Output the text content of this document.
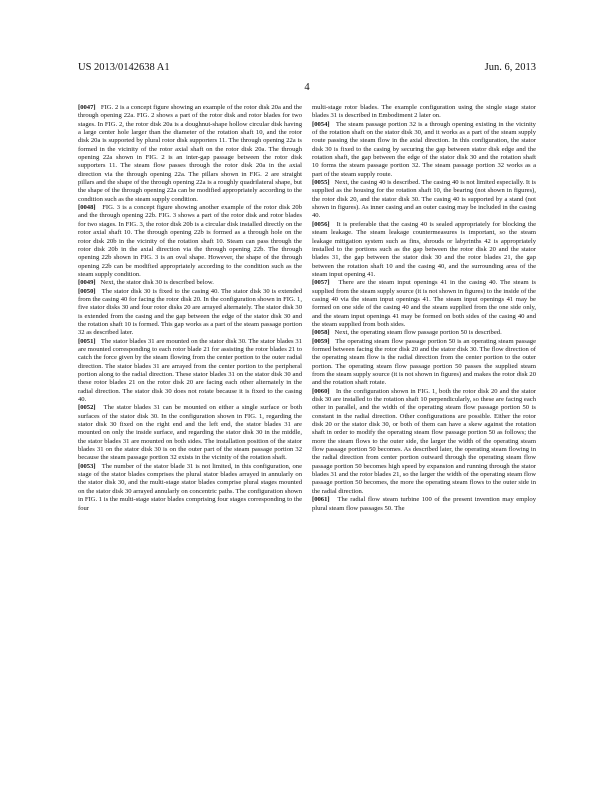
US 2013/0142638 A1	Jun. 6, 2013
4

[0047] FIG. 2 is a concept figure showing an example of the rotor disk 20a and the through opening 22a. FIG. 2 shows a part of the rotor disk and rotor blades for two stages. In FIG. 2, the rotor disk 20a is a doughnut-shape hollow circular disk having a large center hole larger than the diameter of the rotation shaft 10, and the rotor disk 20a is supported by plural rotor disk supporters 11. The through opening 22a is formed in the vicinity of the rotor axial shaft on the rotor disk 20a. The through opening 22a shown in FIG. 2 is an inter-gap passage between the rotor disk supporters 11. The steam flow passes through the rotor disk 20a in the axial direction via the through opening 22a. The pillars shown in FIG. 2 are straight pillars and the shape of the through opening 22a is a roughly quadrilateral shape, but the shape of the through opening 22a can be modified appropriately according to the condition such as the steam supply condition.

[0048] FIG. 3 is a concept figure showing another example of the rotor disk 20b and the through opening 22b. FIG. 3 shows a part of the rotor disk and rotor blades for two stages. In FIG. 3, the rotor disk 20b is a circular disk installed directly on the rotor axial shaft 10. The through opening 22b is formed as a through hole on the rotor disk 20b in the vicinity of the rotation shaft 10. Steam can pass through the rotor disk 20b in the axial direction via the through opening 22b. The through opening 22b shown in FIG. 3 is an oval shape. However, the shape of the through opening 22b can be modified appropriately according to the condition such as the steam supply condition.

[0049] Next, the stator disk 30 is described below.

[0050] The stator disk 30 is fixed to the casing 40. The stator disk 30 is extended from the casing 40 for facing the rotor disk 20. In the configuration shown in FIG. 1, five stator disks 30 and four rotor disks 20 are arrayed alternately. The stator disk 30 is extended from the casing and the gap between the edge of the stator disk 30 and the rotation shaft 10 is formed. This gap works as a part of the steam passage portion 32 as described later.

[0051] The stator blades 31 are mounted on the stator disk 30. The stator blades 31 are mounted corresponding to each rotor blade 21 for assisting the rotor blades 21 to catch the force given by the steam flowing from the center portion to the outer radial direction. The stator blades 31 are arrayed from the center portion to the peripheral portion along to the radial direction. These stator blades 31 on the stator disk 30 and these rotor blades 21 on the rotor disk 20 are facing each other alternately in the radial direction. The stator disk 30 does not rotate because it is fixed to the casing 40.

[0052] The stator blades 31 can be mounted on either a single surface or both surfaces of the stator disk 30. In the configuration shown in FIG. 1, regarding the stator disk 30 fixed on the right end and the left end, the stator blades 31 are mounted on only the inside surface, and regarding the stator disk 30 in the middle, the stator blades 31 are mounted on both sides. The installation position of the stator blades 31 on the stator disk 30 is on the outer part of the steam passage portion 32 because the steam passage portion 32 exists in the vicinity of the rotation shaft.

[0053] The number of the stator blade 31 is not limited, in this configuration, one stage of the stator blades comprises the plural stator blades arrayed in annularly on the stator disk 30, and the multi-stage stator blades comprise plural stages mounted on the stator disk 30 arrayed annularly on concentric paths. The configuration shown in FIG. 1 is the multi-stage stator blades comprising four stages corresponding to the four

multi-stage rotor blades. The example configuration using the single stage stator blades 31 is described in Embodiment 2 later on.

[0054] The steam passage portion 32 is a through opening existing in the vicinity of the rotation shaft on the stator disk 30, and it works as a part of the steam supply route passing the steam flow in the axial direction. In this configuration, the stator disk 30 is fixed to the casing by securing the gap between stator disk edge and the rotation shaft, the gap between the edge of the stator disk 30 and the rotation shaft 10 forms the steam passage portion 32. The steam passage portion 32 works as a part of the steam supply route.

[0055] Next, the casing 40 is described. The casing 40 is not limited especially. It is supplied as the housing for the rotation shaft 10, the bearing (not shown in figures), the rotor disk 20, and the stator disk 30. The casing 40 is supported by a stand (not shown in figures). As inner casing and an outer casing may be included in the casing 40.

[0056] It is preferable that the casing 40 is sealed appropriately for blocking the steam leakage. The steam leakage countermeasures is important, so the steam leakage mitigation system such as fins, shrouds or labyrinths 42 is appropriately installed to the portions such as the gap between the rotor disk 20 and the stator blades 31, the gap between the stator disk 30 and the rotor blades 21, the gap between the rotation shaft 10 and the casing 40, and the surrounding area of the steam input opening 41.

[0057] There are the steam input openings 41 in the casing 40. The steam is supplied from the steam supply source (it is not shown in figures) to the inside of the casing 40 via the steam input openings 41. The steam input openings 41 may be formed on one side of the casing 40 and the steam supplied from the one side only, and the steam input openings 41 may be formed on both sides of the casing 40 and the steam supplied from both sides.

[0058] Next, the operating steam flow passage portion 50 is described.

[0059] The operating steam flow passage portion 50 is an operating steam passage formed between facing the rotor disk 20 and the stator disk 30. The flow direction of the operating steam flow is the radial direction from the center portion to the outer portion. The operating steam flow passage portion 50 passes the supplied steam from the steam supply source (it is not shown in figures) and makes the rotor disk 20 and the rotation shaft rotate.

[0060] In the configuration shown in FIG. 1, both the rotor disk 20 and the stator disk 30 are installed to the rotation shaft 10 perpendicularly, so these are facing each other in parallel, and the width of the operating steam flow passage portion 50 is constant in the radial direction. Other configurations are possible. Either the rotor disk 20 or the stator disk 30, or both of them can have a skew against the rotation shaft in order to modify the operating steam flow passage portion 50 as follows; the more the steam flows to the outer side, the larger the width of the operating steam flow passage portion 50 becomes. As described later, the operating steam flowing in the radial direction from center portion outward through the operating steam flow passage portion 50 becomes high speed by expansion and running through the stator blades 31 and the rotor blades 21, so the larger the width of the operating steam flow passage portion 50 becomes, the more the operating steam flows to the outer side in the radial direction.

[0061] The radial flow steam turbine 100 of the present invention may employ plural steam flow passages 50. The
